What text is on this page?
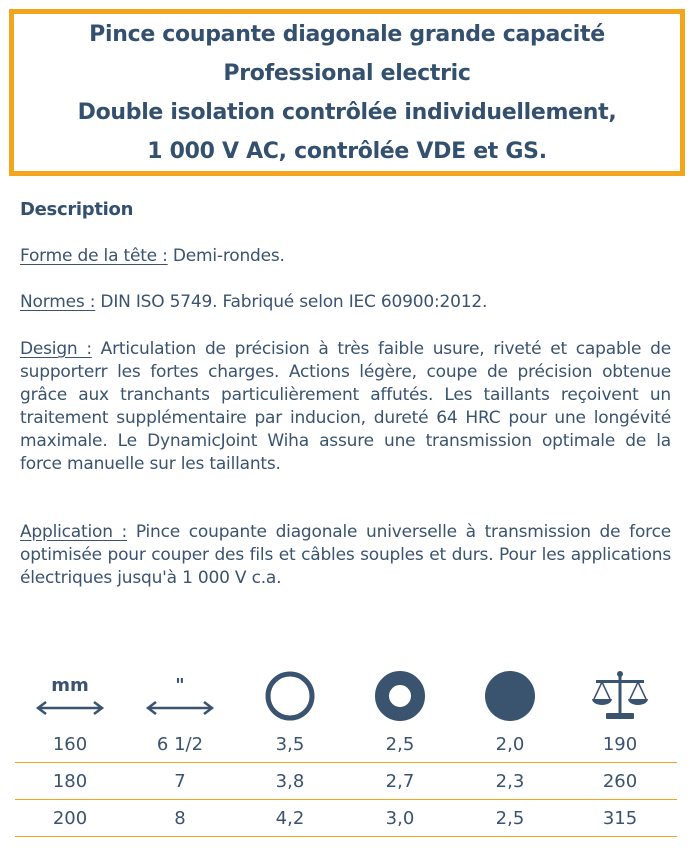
Pince coupante diagonale grande capacité
Professional electric
Double isolation contrôlée individuellement,
1 000 V AC, contrôlée VDE et GS.
Description
Forme de la tête : Demi-rondes.
Normes : DIN ISO 5749. Fabriqué selon IEC 60900:2012.
Design : Articulation de précision à très faible usure, riveté et capable de supporterr les fortes charges. Actions légère, coupe de précision obtenue grâce aux tranchants particulièrement affutés. Les taillants reçoivent un traitement supplémentaire par inducion, dureté 64 HRC pour une longévité maximale. Le DynamicJoint Wiha assure une transmission optimale de la force manuelle sur les taillants.
Application : Pince coupante diagonale universelle à transmission de force optimisée pour couper des fils et câbles souples et durs. Pour les applications électriques jusqu'à 1 000 V c.a.
mm	"
160	6 1/2	3,5	2,5	2,0	190
180	7	3,8	2,7	2,3	260
200	8	4,2	3,0	2,5	315
